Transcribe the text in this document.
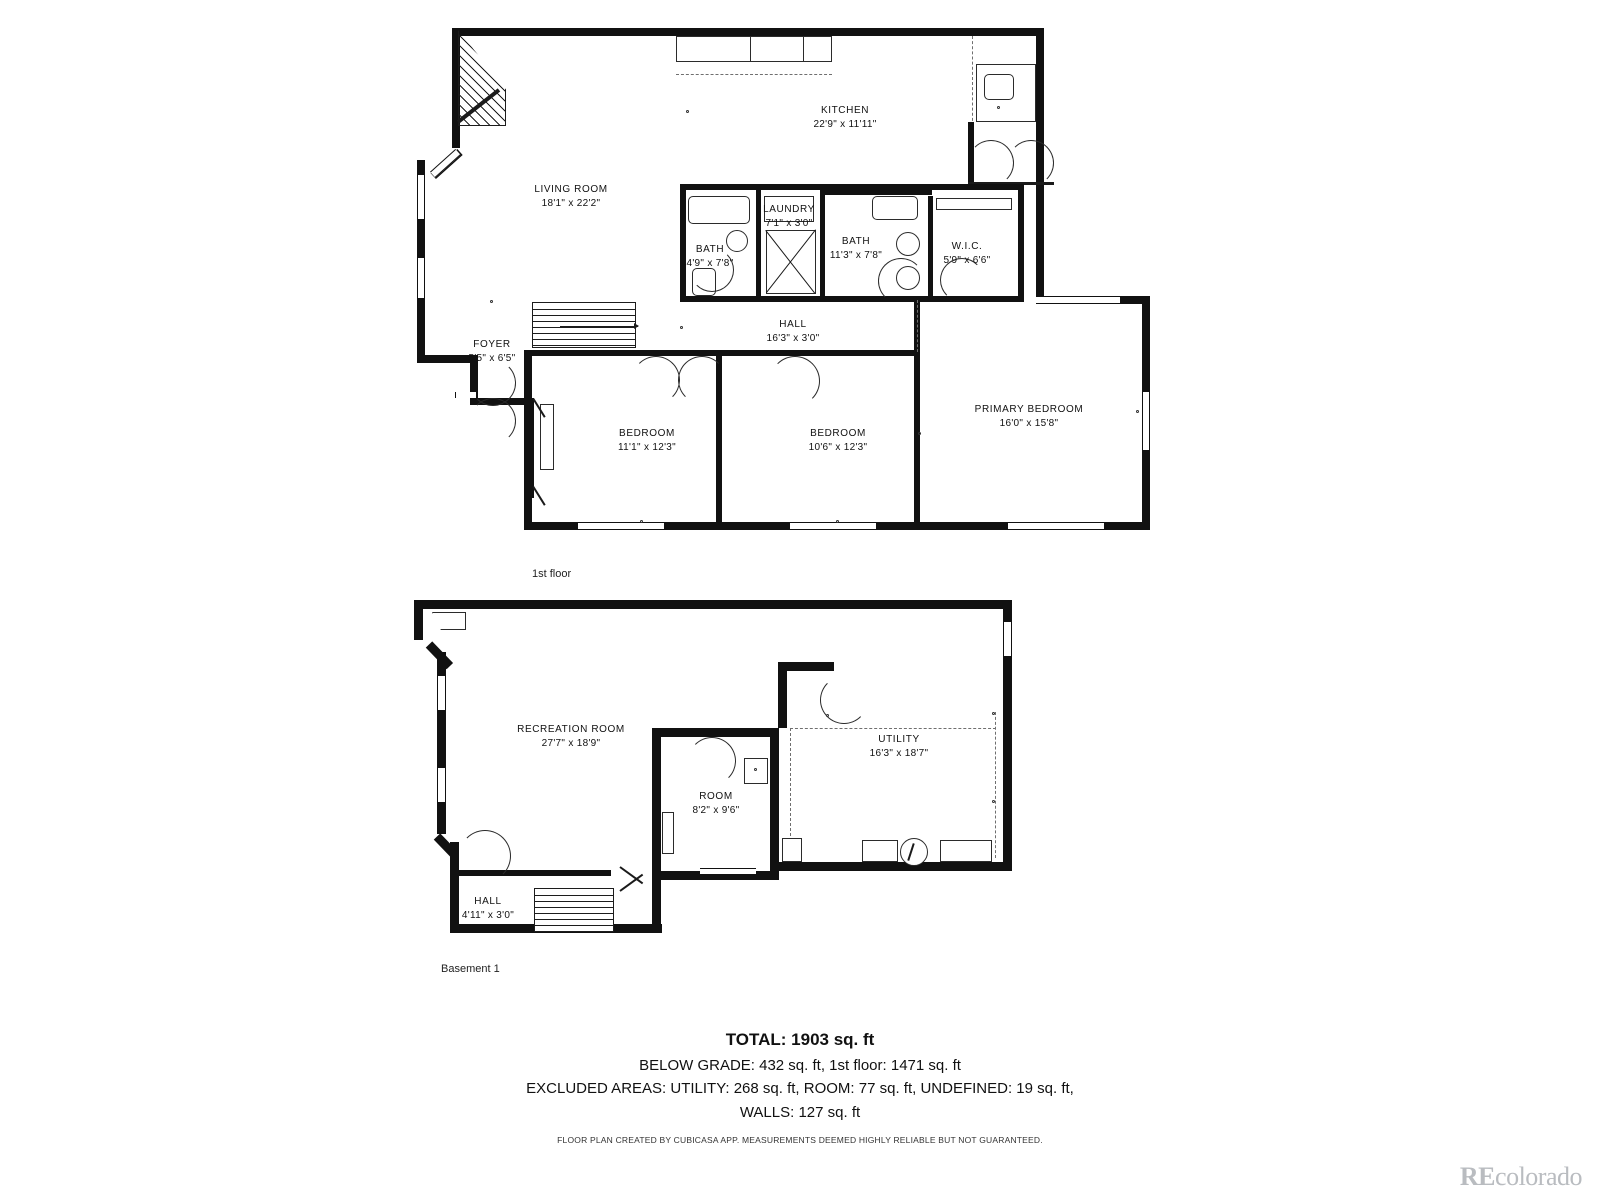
KITCHEN
22'9" x 11'11"
LIVING ROOM
18'1" x 22'2"
LAUNDRY
7'1" x 3'0"
BATH
4'9" x 7'8"
BATH
11'3" x 7'8"
W.I.C.
5'9" x 6'6"
HALL
16'3" x 3'0"
FOYER
5'5" x 6'5"
BEDROOM
11'1" x 12'3"
BEDROOM
10'6" x 12'3"
PRIMARY BEDROOM
16'0" x 15'8"
1st floor
RECREATION ROOM
27'7" x 18'9"	UTILITY
16'3" x 18'7"
ROOM
8'2" x 9'6"
HALL
4'11" x 3'0"
Basement 1
TOTAL: 1903 sq. ft
BELOW GRADE: 432 sq. ft, 1st floor: 1471 sq. ft
EXCLUDED AREAS: UTILITY: 268 sq. ft, ROOM: 77 sq. ft, UNDEFINED: 19 sq. ft,
WALLS: 127 sq. ft
FLOOR PLAN CREATED BY CUBICASA APP. MEASUREMENTS DEEMED HIGHLY RELIABLE BUT NOT GUARANTEED.
REcolorado
